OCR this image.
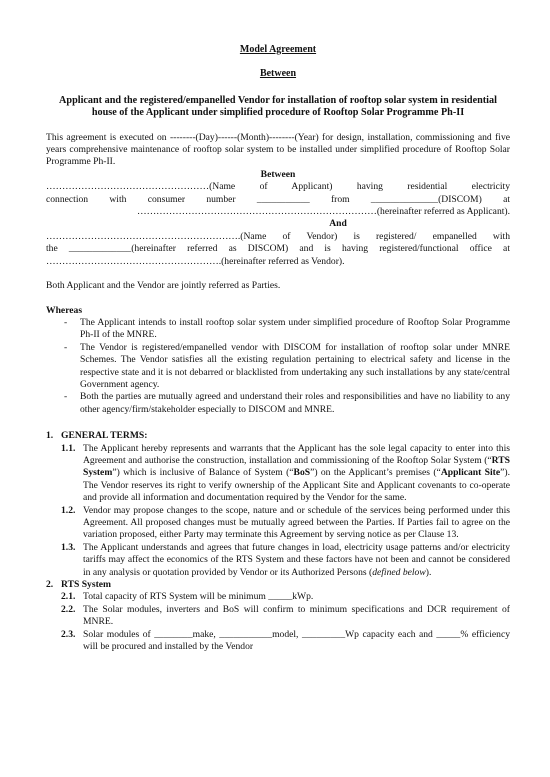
Model Agreement

Between

Applicant and the registered/empanelled Vendor for installation of rooftop solar system in residential house of the Applicant under simplified procedure of Rooftop Solar Programme Ph-II

This agreement is executed on --------(Day)------(Month)--------(Year) for design, installation, commissioning and five years comprehensive maintenance of rooftop solar system to be installed under simplified procedure of Rooftop Solar Programme Ph-II.

Between

……………………………………………(Name of Applicant) having residential electricity

connection with consumer number ___________ from ______________(DISCOM) at

…………………………………………………………………(hereinafter referred as Applicant).

And

…………………………………………………….(Name of Vendor) is registered/ empanelled with

the _____________(hereinafter referred as DISCOM) and is having registered/functional office at

……………………………………………….(hereinafter referred as Vendor).

Both Applicant and the Vendor are jointly referred as Parties.

Whereas

- The Applicant intends to install rooftop solar system under simplified procedure of Rooftop Solar Programme Ph-II of the MNRE.
- The Vendor is registered/empanelled vendor with DISCOM for installation of rooftop solar under MNRE Schemes. The Vendor satisfies all the existing regulation pertaining to electrical safety and license in the respective state and it is not debarred or blacklisted from undertaking any such installations by any state/central Government agency.
- Both the parties are mutually agreed and understand their roles and responsibilities and have no liability to any other agency/firm/stakeholder especially to DISCOM and MNRE.
1. GENERAL TERMS:
1.1. The Applicant hereby represents and warrants that the Applicant has the sole legal capacity to enter into this Agreement and authorise the construction, installation and commissioning of the Rooftop Solar System (“RTS System”) which is inclusive of Balance of System (“BoS”) on the Applicant’s premises (“Applicant Site”). The Vendor reserves its right to verify ownership of the Applicant Site and Applicant covenants to co-operate and provide all information and documentation required by the Vendor for the same.
1.2. Vendor may propose changes to the scope, nature and or schedule of the services being performed under this Agreement. All proposed changes must be mutually agreed between the Parties. If Parties fail to agree on the variation proposed, either Party may terminate this Agreement by serving notice as per Clause 13.
1.3. The Applicant understands and agrees that future changes in load, electricity usage patterns and/or electricity tariffs may affect the economics of the RTS System and these factors have not been and cannot be considered in any analysis or quotation provided by Vendor or its Authorized Persons (defined below).
2. RTS System
2.1. Total capacity of RTS System will be minimum _____kWp.
2.2. The Solar modules, inverters and BoS will confirm to minimum specifications and DCR requirement of MNRE.
2.3. Solar modules of ________make, ___________model, _________Wp capacity each and _____% efficiency will be procured and installed by the Vendor
